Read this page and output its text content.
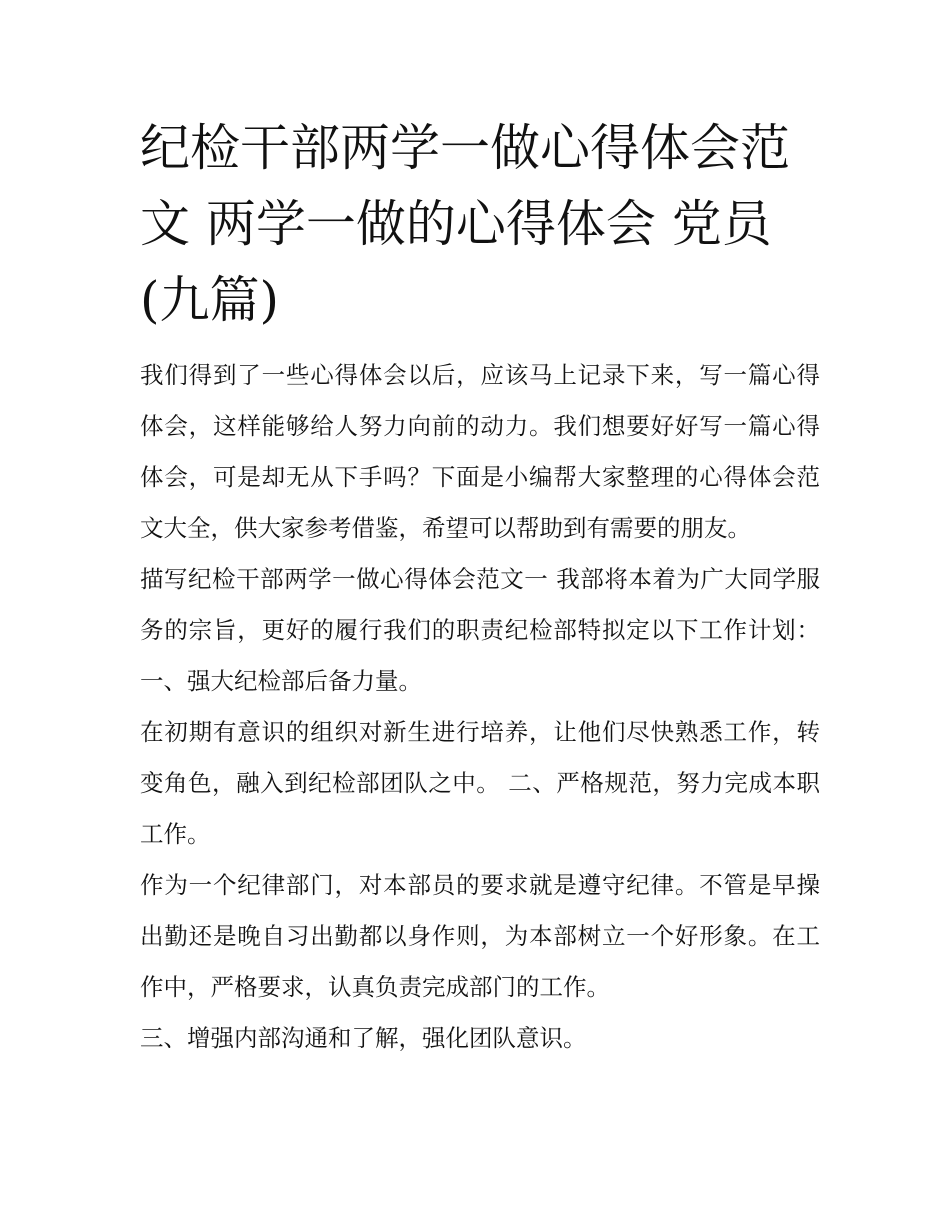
纪检干部两学一做心得体会范文 两学一做的心得体会 党员(九篇)

我们得到了一些心得体会以后，应该马上记录下来，写一篇心得体会，这样能够给人努力向前的动力。我们想要好好写一篇心得体会，可是却无从下手吗？下面是小编帮大家整理的心得体会范文大全，供大家参考借鉴，希望可以帮助到有需要的朋友。

描写纪检干部两学一做心得体会范文一 我部将本着为广大同学服务的宗旨，更好的履行我们的职责纪检部特拟定以下工作计划： 一、强大纪检部后备力量。

在初期有意识的组织对新生进行培养，让他们尽快熟悉工作，转变角色，融入到纪检部团队之中。 二、严格规范，努力完成本职工作。

作为一个纪律部门，对本部员的要求就是遵守纪律。不管是早操出勤还是晚自习出勤都以身作则，为本部树立一个好形象。在工作中，严格要求，认真负责完成部门的工作。

三、增强内部沟通和了解，强化团队意识。
